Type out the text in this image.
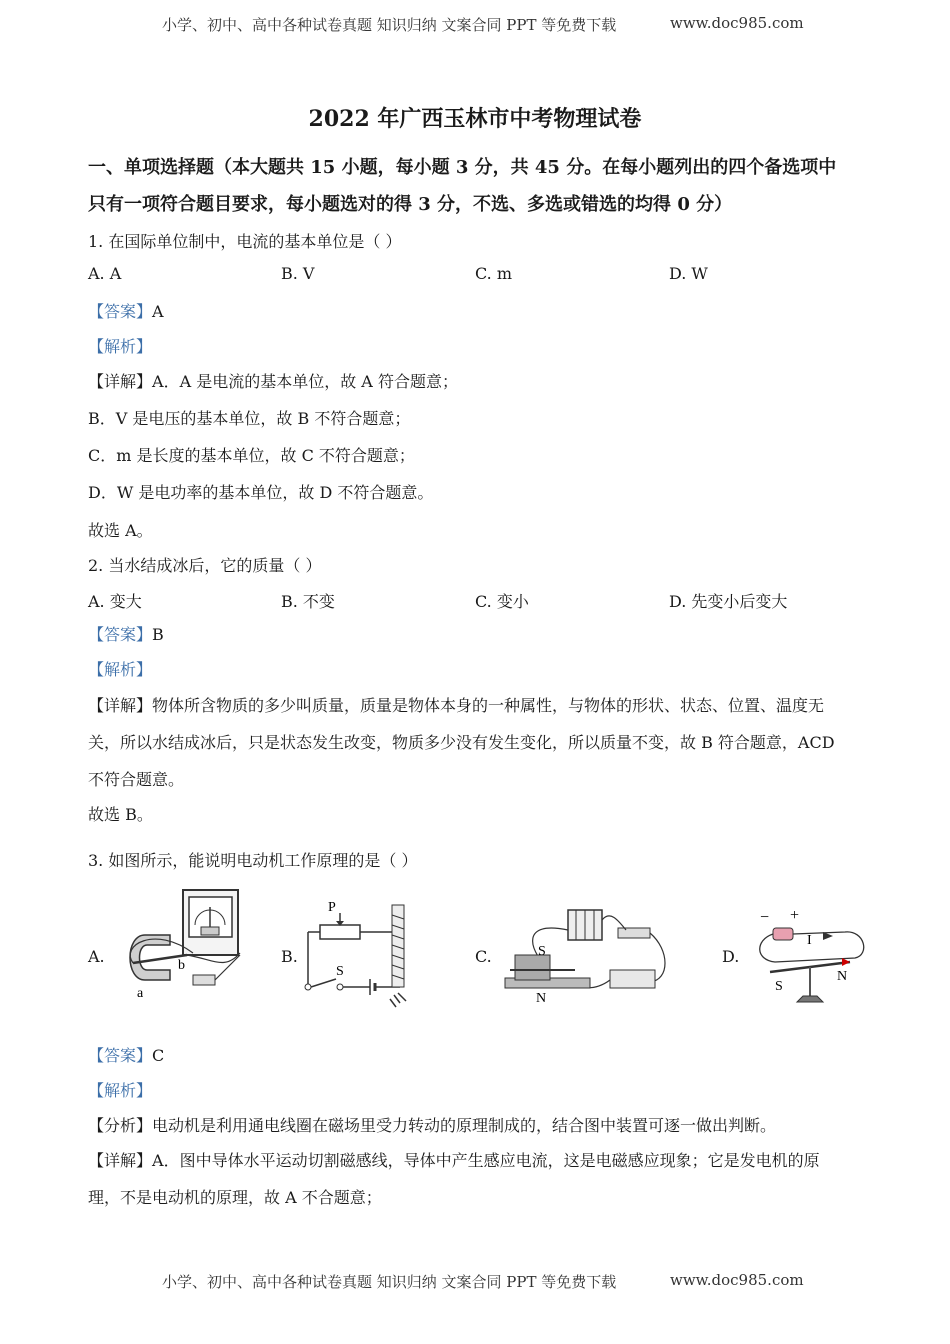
小学、初中、高中各种试卷真题 知识归纳 文案合同 PPT 等免费下载	www.doc985.com
2022 年广西玉林市中考物理试卷
一、单项选择题（本大题共 15 小题，每小题 3 分，共 45 分。在每小题列出的四个备选项中
只有一项符合题目要求，每小题选对的得 3 分，不选、多选或错选的均得 0 分）
1. 在国际单位制中，电流的基本单位是（ ）
A. A	B. V	C. m	D. W
【答案】A
【解析】
【详解】A．A 是电流的基本单位，故 A 符合题意；
B．V 是电压的基本单位，故 B 不符合题意；
C．m 是长度的基本单位，故 C 不符合题意；
D．W 是电功率的基本单位，故 D 不符合题意。
故选 A。
2. 当水结成冰后，它的质量（ ）
A. 变大	B. 不变	C. 变小	D. 先变小后变大
【答案】B
【解析】
【详解】物体所含物质的多少叫质量，质量是物体本身的一种属性，与物体的形状、状态、位置、温度无
关，所以水结成冰后，只是状态发生改变，物质多少没有发生变化，所以质量不变，故 B 符合题意，ACD
不符合题意。
故选 B。
3. 如图所示，能说明电动机工作原理的是（ ）
A.	B.	C.	D.
a
b
P
S
S
N
− +
I
S
N
【答案】C
【解析】
【分析】电动机是利用通电线圈在磁场里受力转动的原理制成的，结合图中装置可逐一做出判断。
【详解】A．图中导体水平运动切割磁感线，导体中产生感应电流，这是电磁感应现象；它是发电机的原
理，不是电动机的原理，故 A 不合题意；
小学、初中、高中各种试卷真题 知识归纳 文案合同 PPT 等免费下载	www.doc985.com
